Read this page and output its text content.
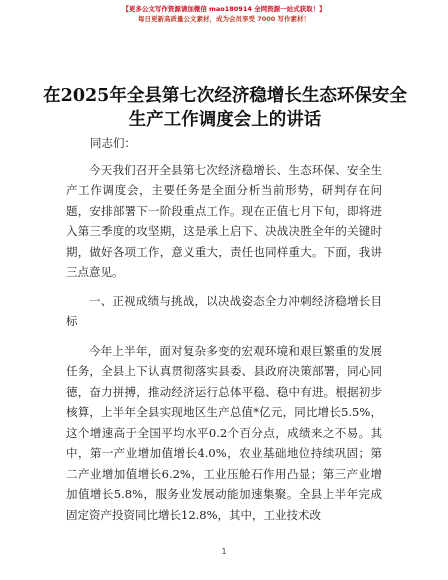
【更多公文写作资源请加微信 mao180914 全网资源一站式获取！】
每日更新高质量公文素材，成为会员享受 7000 写作素材！
在2025年全县第七次经济稳增长生态环保安全生产工作调度会上的讲话

同志们：

今天我们召开全县第七次经济稳增长、生态环保、安全生产工作调度会，主要任务是全面分析当前形势，研判存在问题，安排部署下一阶段重点工作。现在正值七月下旬，即将进入第三季度的攻坚期，这是承上启下、决战决胜全年的关键时期，做好各项工作，意义重大，责任也同样重大。下面，我讲三点意见。

一、正视成绩与挑战，以决战姿态全力冲刺经济稳增长目标

今年上半年，面对复杂多变的宏观环境和艰巨繁重的发展任务，全县上下认真贯彻落实县委、县政府决策部署，同心同德，奋力拼搏，推动经济运行总体平稳、稳中有进。根据初步核算，上半年全县实现地区生产总值*亿元，同比增长5.5%，这个增速高于全国平均水平0.2个百分点，成绩来之不易。其中，第一产业增加值增长4.0%，农业基础地位持续巩固；第二产业增加值增长6.2%，工业压舱石作用凸显；第三产业增加值增长5.8%，服务业发展动能加速集聚。全县上半年完成固定资产投资同比增长12.8%，其中，工业技术改

1
